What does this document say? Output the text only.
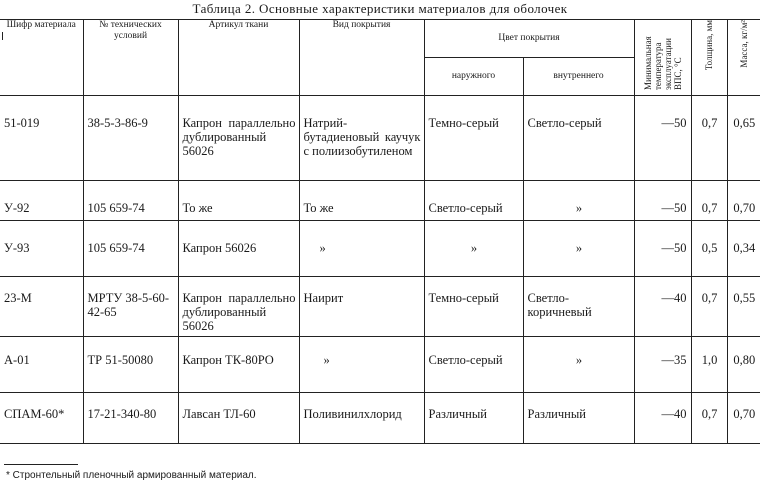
Таблица 2. Основные характеристики материалов для оболочек
Шифр материала	№ технических условий	Артикул ткани	Вид покрытия	Цвет покрытия		Минимальная температура эксплуатации ВПС, °С	Толщина, мм	Масса, кг/м²
				наружного	внутреннего			
51-019	38-5-3-86-9	Капрон параллельно дублированный 56026	Натрий-бутадиеновый каучук с полиизобутиленом	Темно-серый	Светло-серый	—50	0,7	0,65
У-92	105 659-74	То же	То же	Светло-серый	»	—50	0,7	0,70
У-93	105 659-74	Капрон 56026	»	»	»	—50	0,5	0,34
23-М	МРТУ 38-5-60-42-65	Капрон параллельно дублированный 56026	Наирит	Темно-серый	Светло-коричневый	—40	0,7	0,55
А-01	ТР 51-50080	Капрон ТК-80РО	»	Светло-серый	»	—35	1,0	0,80
СПАМ-60*	17-21-340-80	Лавсан ТЛ-60	Поливинилхлорид	Различный	Различный	—40	0,7	0,70
* Стронтельный пленочный армированный материал.
